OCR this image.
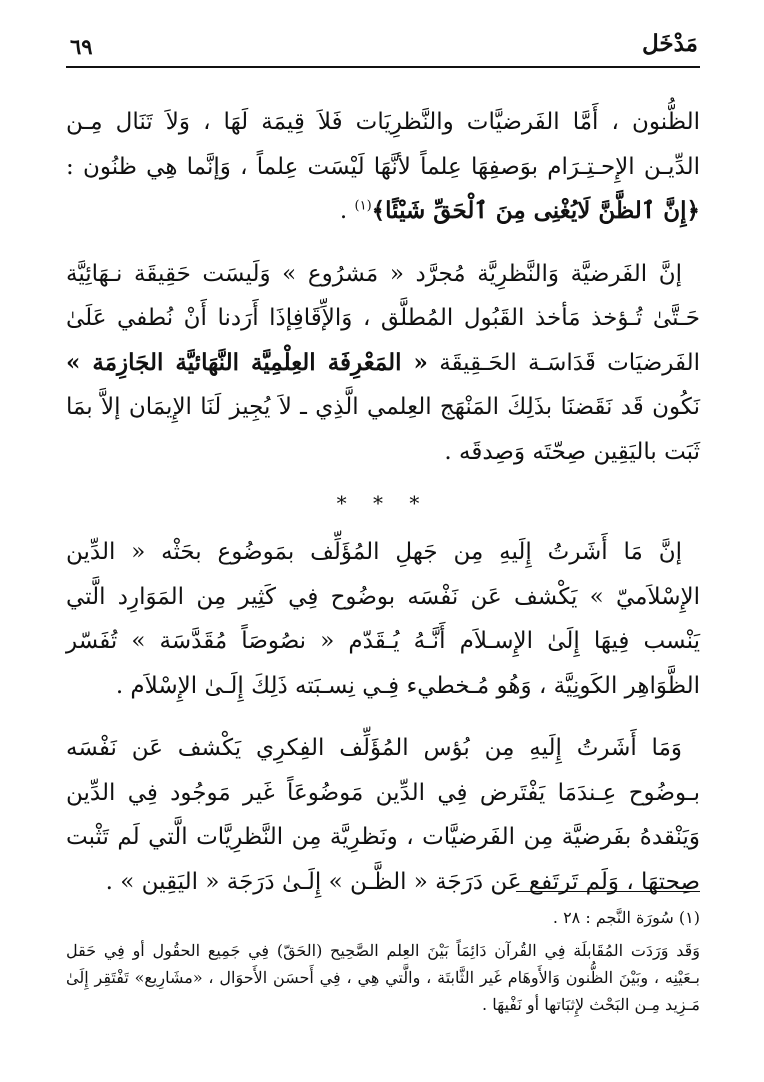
مَدْخَل
٦٩

الظُّنون ، أَمَّا الفَرضيَّات والنَّظرِيَات فَلاَ قِيمَة لَهَا ، وَلاَ تَنَال مِـن الدِّيـن الإِحـتِـرَام بوَصفِهَا عِلماً لأنَّهَا لَيْسَت عِلماً ، وَإنَّما هِي ظنُون :﴿إِنَّ ٱلظَّنَّ لَايُغْنِى مِنَ ٱلْحَقِّ شَيْئًا﴾$^{(١)}$ .

إنَّ الفَرضيَّة وَالنَّظرِيَّة مُجرَّد « مَشرُوع » وَلَيسَت حَقِيقَة نـهَائِيَّة حَـتَّىٰ تُـؤخذ مَأخذ القَبُول المُطلَّق ، وَالإِّقَافِإذَا أَرَدنا أَنْ نُطفي عَلَىٰ الفَرضيَات قَدَاسَـة الحَـقِيقَة « المَعْرِفَة العِلْمِيَّة النَّهَائيَّة الجَازِمَة » نَكُون قَد نَقَضنَا بذَلِكَ المَنْهَج العِلمي الَّذِي ـ لاَ يُجِيز لَنَا الإِيمَان إلاَّ بمَا ثَبَت باليَقِين صِحّتَه وَصِدقَه .

* * *

إنَّ مَا أَشَرتُ إِلَيهِ مِن جَهلِ المُؤَلِّف بمَوضُوع بحَثْه « الدِّين الإِسْلاَميّ » يَكْشف عَن نَفْسَه بوضُوح فِي كَثِير مِن المَوَارِد الَّتي يَنْسب فِيهَا إِلَىٰ الإِسـلاَم أَنَّـهُ يُـقَدّم « نصُوصَاً مُقَدَّسَة » تُفَسّر الظَّوَاهِر الكَونِيَّة ، وَهُو مُـخطيء فِـي نِسـبَته ذَلِكَ إِلَـىٰ الإِسْلاَم .

وَمَا أَشَرتُ إِلَيهِ مِن بُؤس المُؤَلِّف الفِكرِي يَكْشف عَن نَفْسَه بـوضُوح عِـندَمَا يَفْتَرض فِي الدِّين مَوضُوعَاً غَير مَوجُود فِي الدِّين وَيَنْقدهُ بفَرضيَّة مِن الفَرضيَّات ، ونَظرِيَّة مِن النَّظرِيَّات الَّتي لَم تَثْبت صِحتهَا ، وَلَم تَرتَفع عَن دَرَجَة « الظَّـن » إِلَـىٰ دَرَجَة « اليَقِين » .

(١) سُورَة النَّجم : ٢٨ .

وَقَد وَرَدَت المُقَابلَة فِي القُرآن دَائِمَاً بَيْنَ العِلم الصَّحِيح (الحَقّ) فِي جَمِيع الحقُول أو فِي حَقل بـعَيْنِه ، وبَيْنَ الظُّنون وَالأَوهَام غَير الثَّابتَة ، والَّتي هِي ، فِي أَحسَن الأَحوَال ، «مشَارِيع» تَفْتَقِر إِلَىٰ مَـزِيد مِـن البَحْث لإِثبَاتها أو نَفْيهَا .
